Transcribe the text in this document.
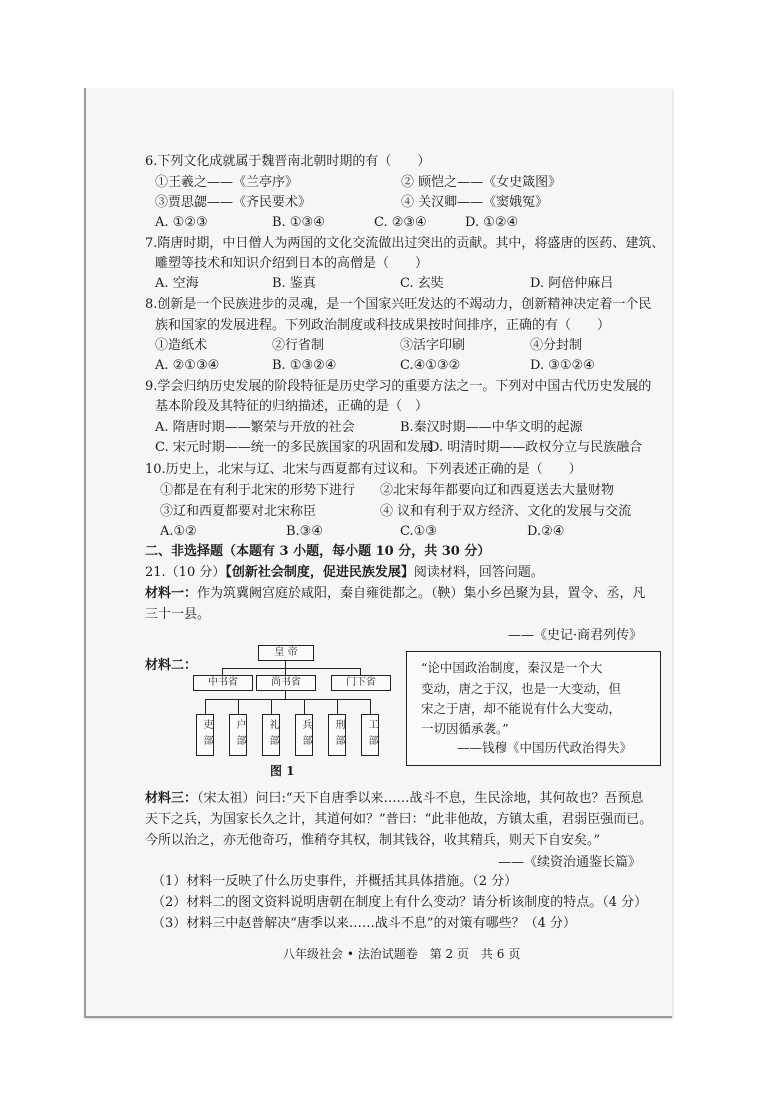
6.下列文化成就属于魏晋南北朝时期的有（　　）
①王羲之——《兰亭序》	② 顾恺之——《女史箴图》
③贾思勰——《齐民要术》	④ 关汉卿——《窦娥冤》
A. ①②③	B. ①③④	C. ②③④	D. ①②④
7.隋唐时期，中日僧人为两国的文化交流做出过突出的贡献。其中，将盛唐的医药、建筑、
雕塑等技术和知识介绍到日本的高僧是（　　）
A. 空海	B. 鉴真	C. 玄奘	D. 阿倍仲麻吕
8.创新是一个民族进步的灵魂，是一个国家兴旺发达的不竭动力，创新精神决定着一个民
族和国家的发展进程。下列政治制度或科技成果按时间排序，正确的有（　　）
①造纸术	②行省制	③活字印刷	④分封制
A. ②①③④	B. ①③②④	C.④①③②	D. ③①②④
9.学会归纳历史发展的阶段特征是历史学习的重要方法之一。下列对中国古代历史发展的
基本阶段及其特征的归纳描述，正确的是（　）
A. 隋唐时期——繁荣与开放的社会	B.秦汉时期——中华文明的起源
C. 宋元时期——统一的多民族国家的巩固和发展
D. 明清时期——政权分立与民族融合
10.历史上，北宋与辽、北宋与西夏都有过议和。下列表述正确的是（　　）
①都是在有利于北宋的形势下进行 ②北宋每年都要向辽和西夏送去大量财物
③辽和西夏都要对北宋称臣	④ 议和有利于双方经济、文化的发展与交流
A.①②	B.③④	C.①③	D.②④
二、非选择题（本题有 3 小题，每小题 10 分，共 30 分）
21.（10 分）【创新社会制度，促进民族发展】阅读材料，回答问题。
材料一：作为筑冀阙宫庭於咸阳，秦自雍徙都之。（鞅）集小乡邑聚为县，置令、丞，凡
三十一县。
——《史记·商君列传》
材料二：
皇 帝
中书省	尚书省	门下省
吏部	户部	礼部	兵部	刑部	工部
图 1
“论中国政治制度，秦汉是一个大
变动，唐之于汉，也是一大变动，但
宋之于唐，却不能说有什么大变动，
一切因循承袭。”
——钱穆《中国历代政治得失》
材料三：（宋太祖）问曰:“天下自唐季以来……战斗不息，生民涂地，其何故也？吾预息
天下之兵，为国家长久之计，其道何如？”普曰：“此非他故，方镇太重，君弱臣强而已。
今所以治之，亦无他奇巧，惟稍夺其权，制其钱谷，收其精兵，则天下自安矣。”
——《续资治通鉴长篇》
（1）材料一反映了什么历史事件，并概括其具体措施。（2 分）
（2）材料二的图文资料说明唐朝在制度上有什么变动？请分析该制度的特点。（4 分）
（3）材料三中赵普解决“唐季以来……战斗不息”的对策有哪些？（4 分）
八年级社会 • 法治试题卷　第 2 页　共 6 页
